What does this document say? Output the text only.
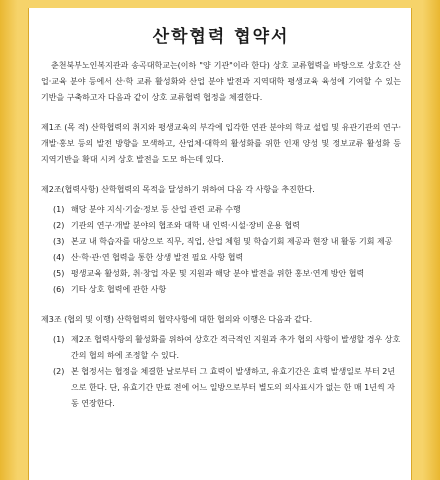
산학협력 협약서

춘천북부노인복지관과 송곡대학교는(이하 "양 기관"이라 한다) 상호 교류협력을 바탕으로 상호간 산업·교육 분야 등에서 산·학 교류 활성화와 산업 분야 발전과 지역대학 평생교육 육성에 기여할 수 있는 기반을 구축하고자 다음과 같이 상호 교류협력 협정을 체결한다.

제1조 (목 적) 산학협력의 취지와 평생교육의 부각에 입각한 연관 분야의 학교 설립 및 유관기관의 연구·개발·홍보 등의 발전 방향을 모색하고, 산업체·대학의 활성화를 위한 인재 양성 및 정보교류 활성화 등 지역기반을 확대 시켜 상호 발전을 도모 하는데 있다.

제2조(협력사항) 산학협력의 목적을 달성하기 위하여 다음 각 사항을 추진한다.

(1) 해당 분야 지식·기술·정보 등 산업 관련 교류 수행
(2) 기관의 연구·개발 분야의 협조와 대학 내 인력·시설·장비 운용 협력
(3) 본교 내 학습자를 대상으로 직무, 직업, 산업 체험 및 학습기회 제공과 현장 내 활동 기회 제공
(4) 산·학·관·연 협력을 통한 상생 발전 필요 사항 협력
(5) 평생교육 활성화, 취·창업 자문 및 지원과 해당 분야 발전을 위한 홍보·연계 방안 협력
(6) 기타 상호 협력에 관한 사항

제3조 (협의 및 이행) 산학협력의 협약사항에 대한 협의와 이행은 다음과 같다.

(1) 제2조 협력사항의 활성화를 위하여 상호간 적극적인 지원과 추가 협의 사항이 발생할 경우 상호간의 협의 하에 조정할 수 있다.
(2) 본 협정서는 협정을 체결한 날로부터 그 효력이 발생하고, 유효기간은 효력 발생일로 부터 2년으로 한다. 단, 유효기간 만료 전에 어느 일방으로부터 별도의 의사표시가 없는 한 매 1년씩 자동 연장한다.
